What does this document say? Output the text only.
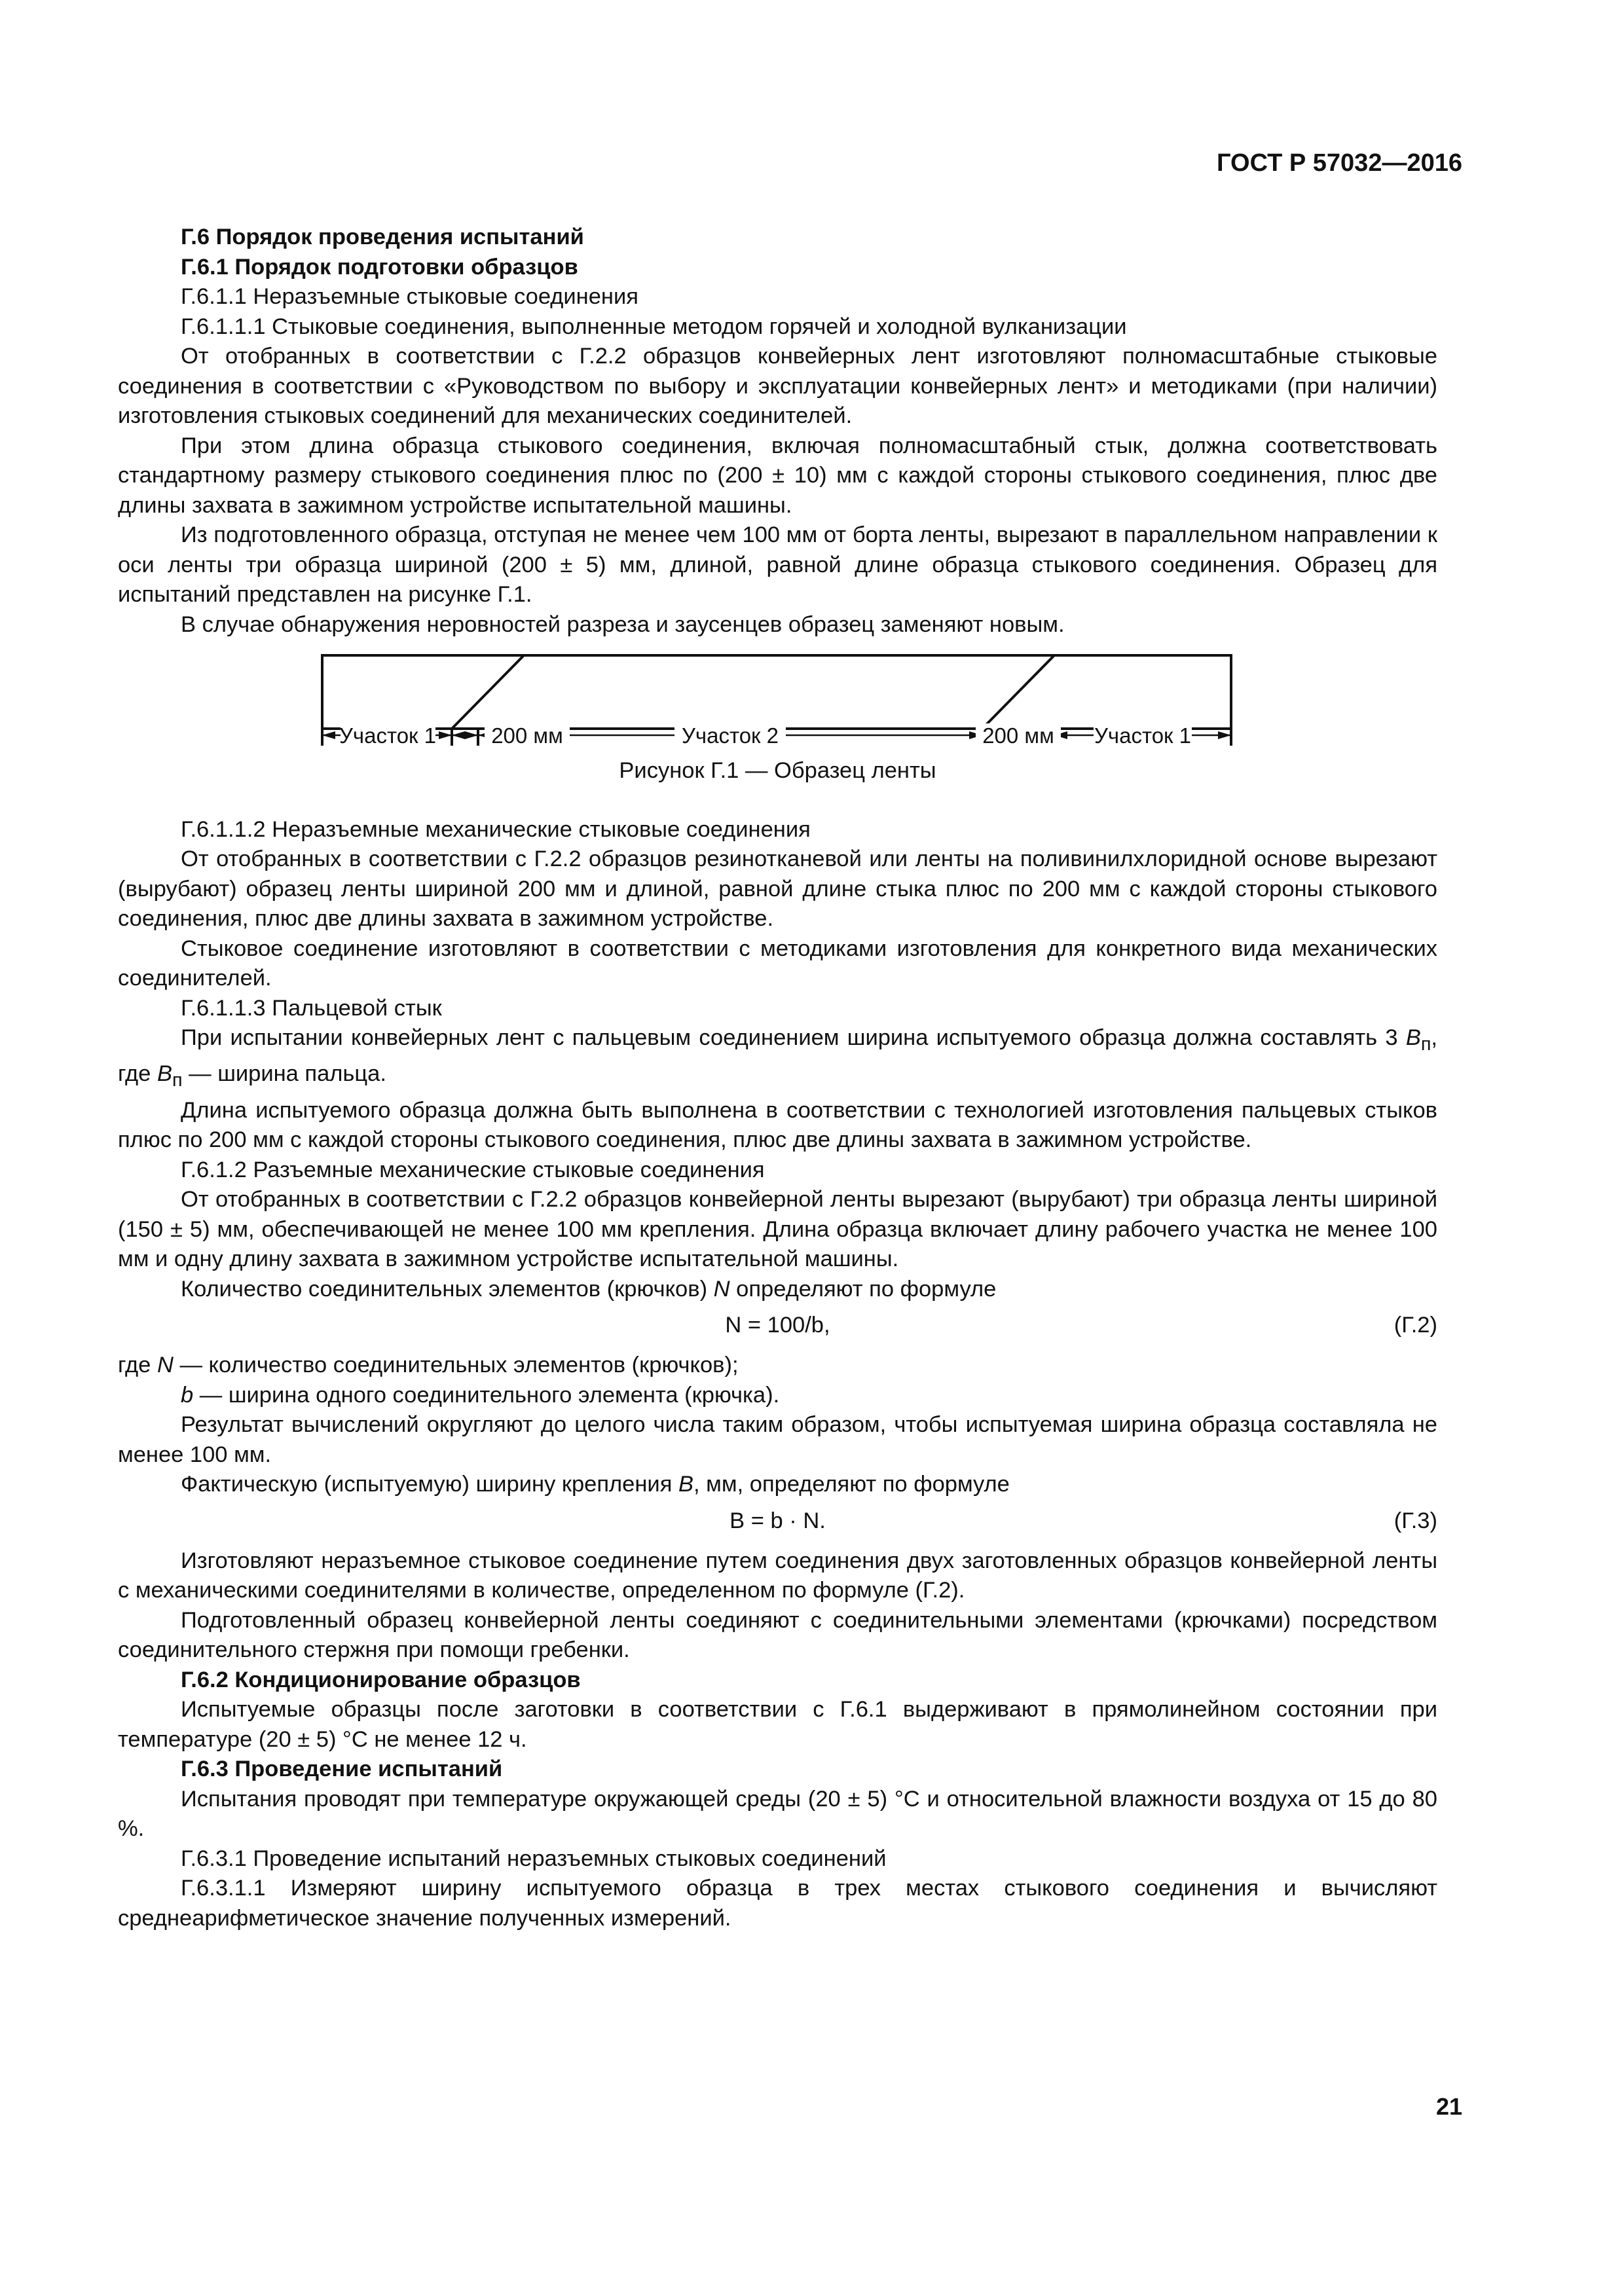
ГОСТ Р 57032—2016

Г.6 Порядок проведения испытаний

Г.6.1 Порядок подготовки образцов

Г.6.1.1 Неразъемные стыковые соединения

Г.6.1.1.1 Стыковые соединения, выполненные методом горячей и холодной вулканизации

От отобранных в соответствии с Г.2.2 образцов конвейерных лент изготовляют полномасштабные стыковые соединения в соответствии с «Руководством по выбору и эксплуатации конвейерных лент» и методиками (при наличии) изготовления стыковых соединений для механических соединителей.

При этом длина образца стыкового соединения, включая полномасштабный стык, должна соответствовать стандартному размеру стыкового соединения плюс по (200 ± 10) мм с каждой стороны стыкового соединения, плюс две длины захвата в зажимном устройстве испытательной машины.

Из подготовленного образца, отступая не менее чем 100 мм от борта ленты, вырезают в параллельном направлении к оси ленты три образца шириной (200 ± 5) мм, длиной, равной длине образца стыкового соединения. Образец для испытаний представлен на рисунке Г.1.

В случае обнаружения неровностей разреза и заусенцев образец заменяют новым.

Участок 1	200 мм	Участок 2	200 мм Участок 1

Рисунок Г.1 — Образец ленты

Г.6.1.1.2 Неразъемные механические стыковые соединения

От отобранных в соответствии с Г.2.2 образцов резинотканевой или ленты на поливинилхлоридной основе вырезают (вырубают) образец ленты шириной 200 мм и длиной, равной длине стыка плюс по 200 мм с каждой стороны стыкового соединения, плюс две длины захвата в зажимном устройстве.

Стыковое соединение изготовляют в соответствии с методиками изготовления для конкретного вида механических соединителей.

Г.6.1.1.3 Пальцевой стык

При испытании конвейерных лент с пальцевым соединением ширина испытуемого образца должна составлять 3 $B_п$, где $B_п$ — ширина пальца.

Длина испытуемого образца должна быть выполнена в соответствии с технологией изготовления пальцевых стыков плюс по 200 мм с каждой стороны стыкового соединения, плюс две длины захвата в зажимном устройстве.

Г.6.1.2 Разъемные механические стыковые соединения

От отобранных в соответствии с Г.2.2 образцов конвейерной ленты вырезают (вырубают) три образца ленты шириной (150 ± 5) мм, обеспечивающей не менее 100 мм крепления. Длина образца включает длину рабочего участка не менее 100 мм и одну длину захвата в зажимном устройстве испытательной машины.

Количество соединительных элементов (крючков) N определяют по формуле

N = 100/b,	(Г.2)

где N — количество соединительных элементов (крючков);

b — ширина одного соединительного элемента (крючка).

Результат вычислений округляют до целого числа таким образом, чтобы испытуемая ширина образца составляла не менее 100 мм.

Фактическую (испытуемую) ширину крепления B, мм, определяют по формуле

B = b · N.	(Г.3)

Изготовляют неразъемное стыковое соединение путем соединения двух заготовленных образцов конвейерной ленты с механическими соединителями в количестве, определенном по формуле (Г.2).

Подготовленный образец конвейерной ленты соединяют с соединительными элементами (крючками) посредством соединительного стержня при помощи гребенки.

Г.6.2 Кондиционирование образцов

Испытуемые образцы после заготовки в соответствии с Г.6.1 выдерживают в прямолинейном состоянии при температуре (20 ± 5) °С не менее 12 ч.

Г.6.3 Проведение испытаний

Испытания проводят при температуре окружающей среды (20 ± 5) °С и относительной влажности воздуха от 15 до 80 %.

Г.6.3.1 Проведение испытаний неразъемных стыковых соединений

Г.6.3.1.1 Измеряют ширину испытуемого образца в трех местах стыкового соединения и вычисляют среднеарифметическое значение полученных измерений.

21
